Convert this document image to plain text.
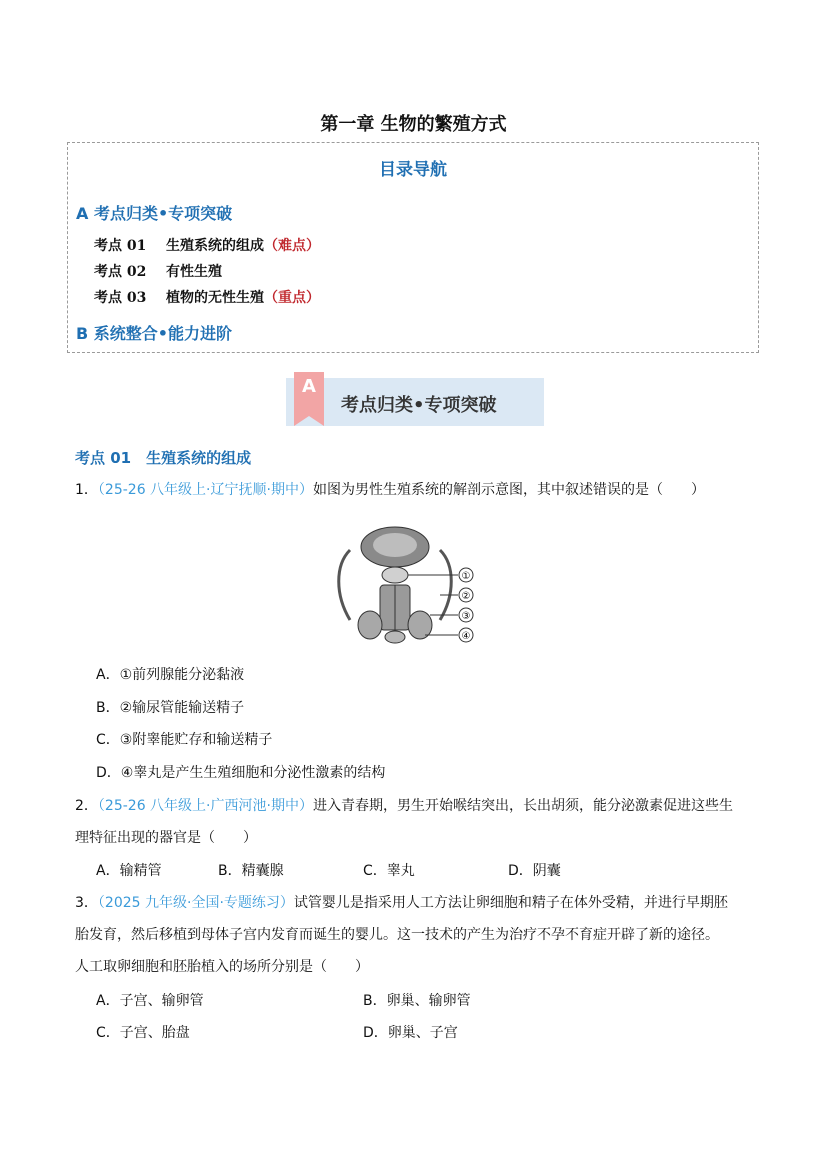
第一章 生物的繁殖方式
目录导航
A 考点归类•专项突破
考点 01 生殖系统的组成（难点）
考点 02 有性生殖
考点 03 植物的无性生殖（重点）
B 系统整合•能力进阶
A
考点归类•专项突破
考点 01　生殖系统的组成
1．（25-26 八年级上·辽宁抚顺·期中）如图为男性生殖系统的解剖示意图，其中叙述错误的是（　　）
①
②
③
④
A．①前列腺能分泌黏液
B．②输尿管能输送精子
C．③附睾能贮存和输送精子
D．④睾丸是产生生殖细胞和分泌性激素的结构
2．（25-26 八年级上·广西河池·期中）进入青春期，男生开始喉结突出，长出胡须，能分泌激素促进这些生
理特征出现的器官是（　　）
A．输精管	B．精囊腺	C．睾丸	D．阴囊
3．（2025 九年级·全国·专题练习）试管婴儿是指采用人工方法让卵细胞和精子在体外受精，并进行早期胚
胎发育，然后移植到母体子宫内发育而诞生的婴儿。这一技术的产生为治疗不孕不育症开辟了新的途径。
人工取卵细胞和胚胎植入的场所分别是（　　）
A．子宫、输卵管	B．卵巢、输卵管
C．子宫、胎盘	D．卵巢、子宫
